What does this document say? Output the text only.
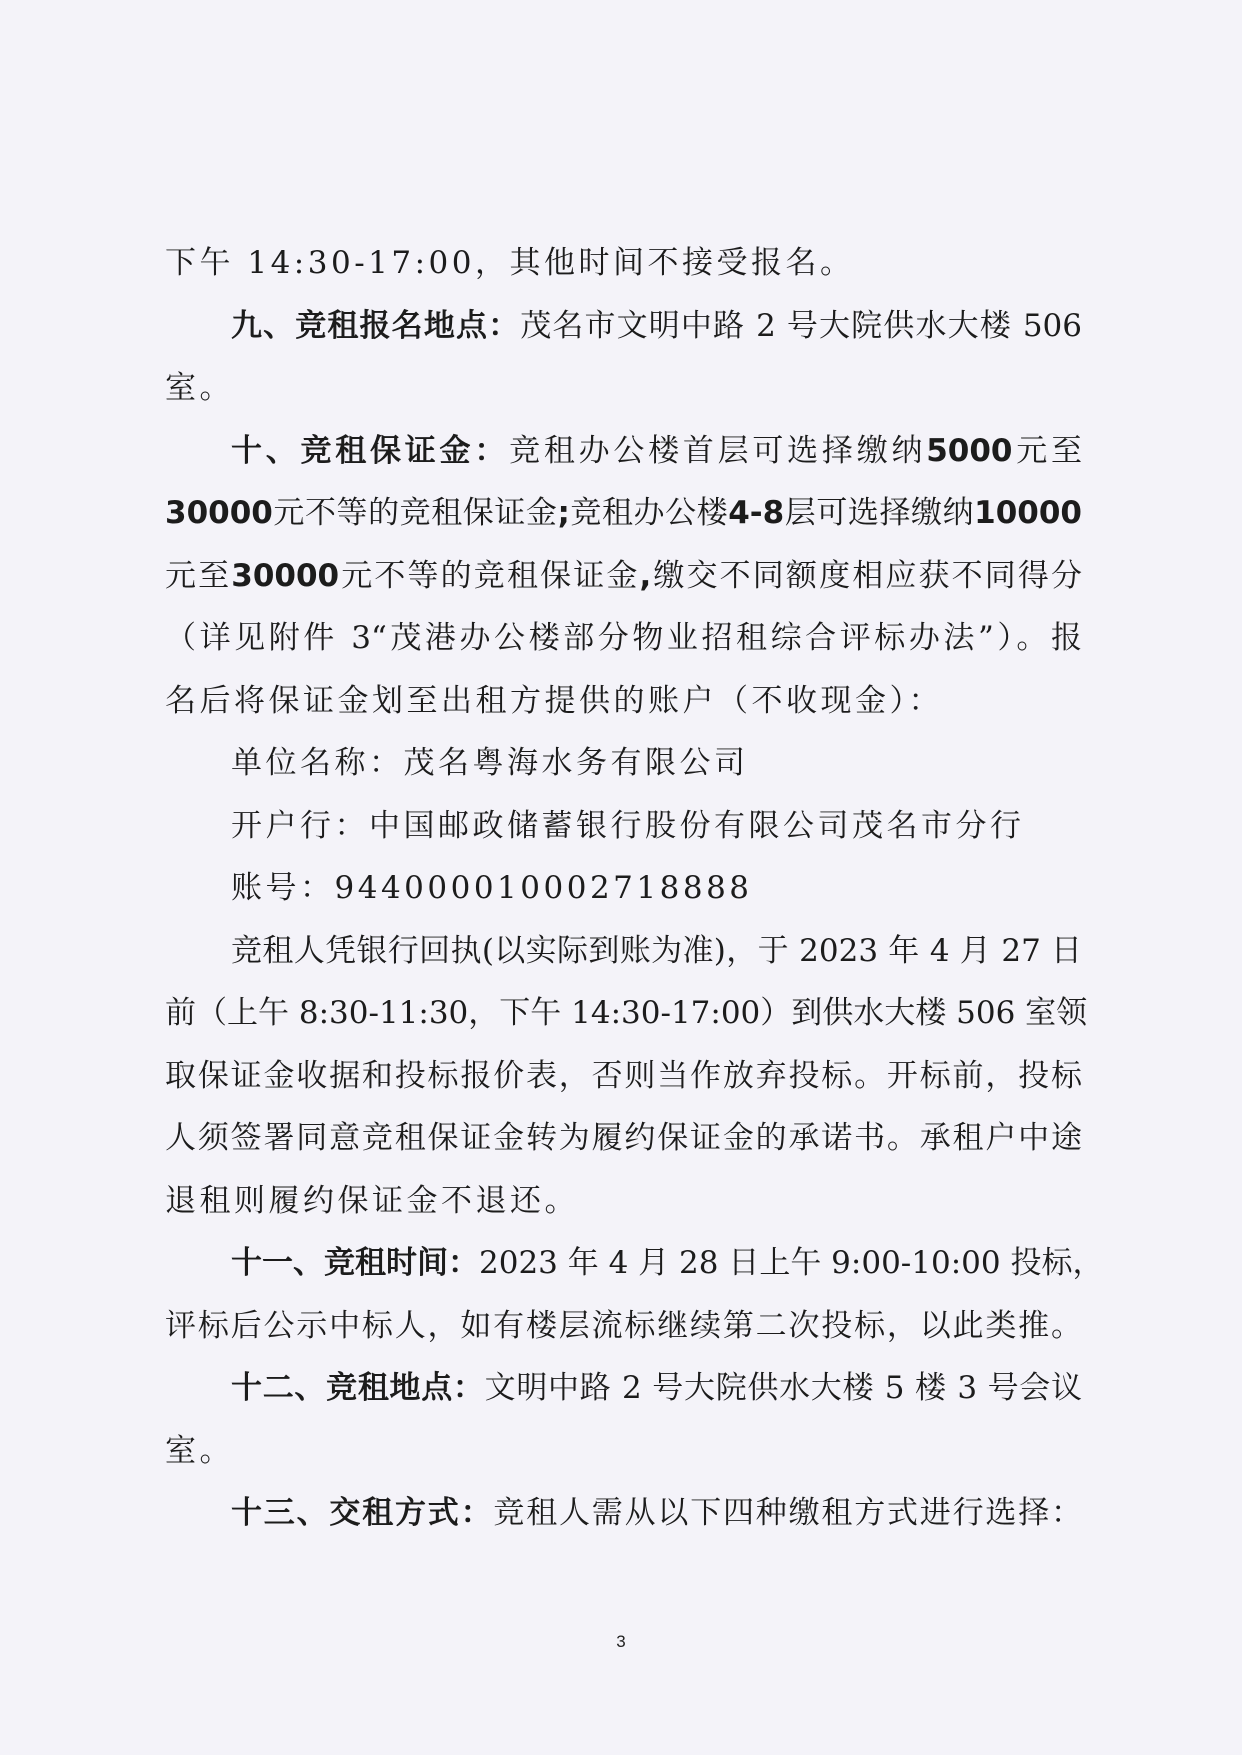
下午 14:30-17:00，其他时间不接受报名。
九、竞租报名地点：茂名市文明中路 2 号大院供水大楼 506
室。
十、竞租保证金：竞租办公楼首层可选择缴纳5000元至
30000元不等的竞租保证金;竞租办公楼4-8层可选择缴纳10000
元至30000元不等的竞租保证金,缴交不同额度相应获不同得分
（详见附件 3“茂港办公楼部分物业招租综合评标办法”）。报
名后将保证金划至出租方提供的账户（不收现金）：
单位名称：茂名粤海水务有限公司
开户行：中国邮政储蓄银行股份有限公司茂名市分行
账号：944000010002718888
竞租人凭银行回执(以实际到账为准)，于 2023 年 4 月 27 日
前（上午 8:30-11:30，下午 14:30-17:00）到供水大楼 506 室领
取保证金收据和投标报价表，否则当作放弃投标。开标前，投标
人须签署同意竞租保证金转为履约保证金的承诺书。承租户中途
退租则履约保证金不退还。
十一、竞租时间：2023 年 4 月 28 日上午 9:00-10:00 投标，
评标后公示中标人，如有楼层流标继续第二次投标，以此类推。
十二、竞租地点：文明中路 2 号大院供水大楼 5 楼 3 号会议
室。
十三、交租方式：竞租人需从以下四种缴租方式进行选择：
3
